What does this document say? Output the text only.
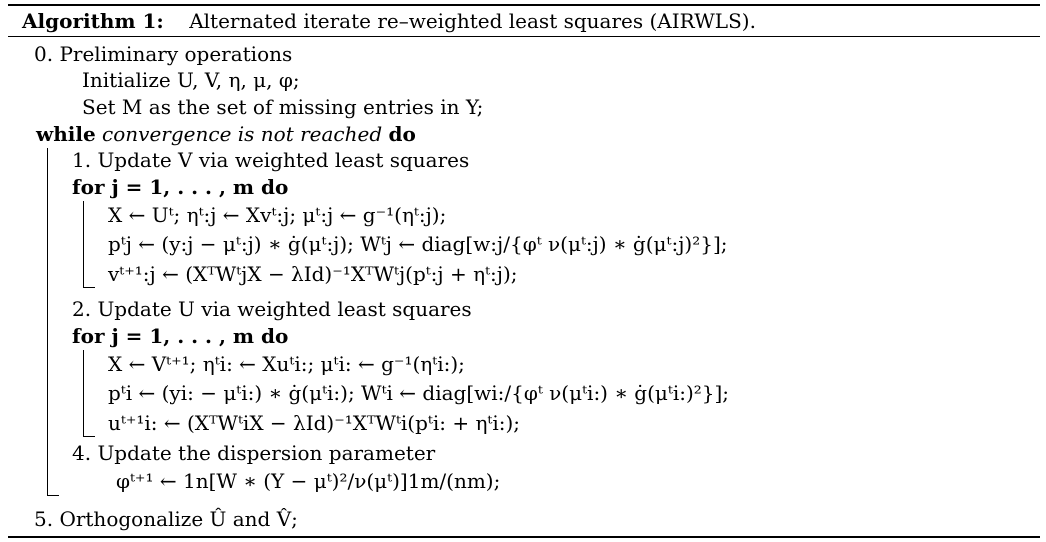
Algorithm 1: Alternated iterate re–weighted least squares (AIRWLS).
0. Preliminary operations
Initialize U, V, η, μ, φ;
Set M as the set of missing entries in Y;
while convergence is not reached do
1. Update V via weighted least squares
for j = 1, . . . , m do
X ← Uᵗ; ηᵗ:j ← Xvᵗ:j; μᵗ:j ← g⁻¹(ηᵗ:j);
pᵗj ← (y:j − μᵗ:j) ∗ ġ(μᵗ:j); Wᵗj ← diag[w:j/{φᵗ ν(μᵗ:j) ∗ ġ(μᵗ:j)²}];
vᵗ⁺¹:j ← (XᵀWᵗjX − λId)⁻¹XᵀWᵗj(pᵗ:j + ηᵗ:j);
2. Update U via weighted least squares
for j = 1, . . . , m do
X ← Vᵗ⁺¹; ηᵗi: ← Xuᵗi:; μᵗi: ← g⁻¹(ηᵗi:);
pᵗi ← (yi: − μᵗi:) ∗ ġ(μᵗi:); Wᵗi ← diag[wi:/{φᵗ ν(μᵗi:) ∗ ġ(μᵗi:)²}];
uᵗ⁺¹i: ← (XᵀWᵗiX − λId)⁻¹XᵀWᵗi(pᵗi: + ηᵗi:);
4. Update the dispersion parameter
φᵗ⁺¹ ← 1n[W ∗ (Y − μᵗ)²/ν(μᵗ)]1m/(nm);
5. Orthogonalize Û and V̂;
